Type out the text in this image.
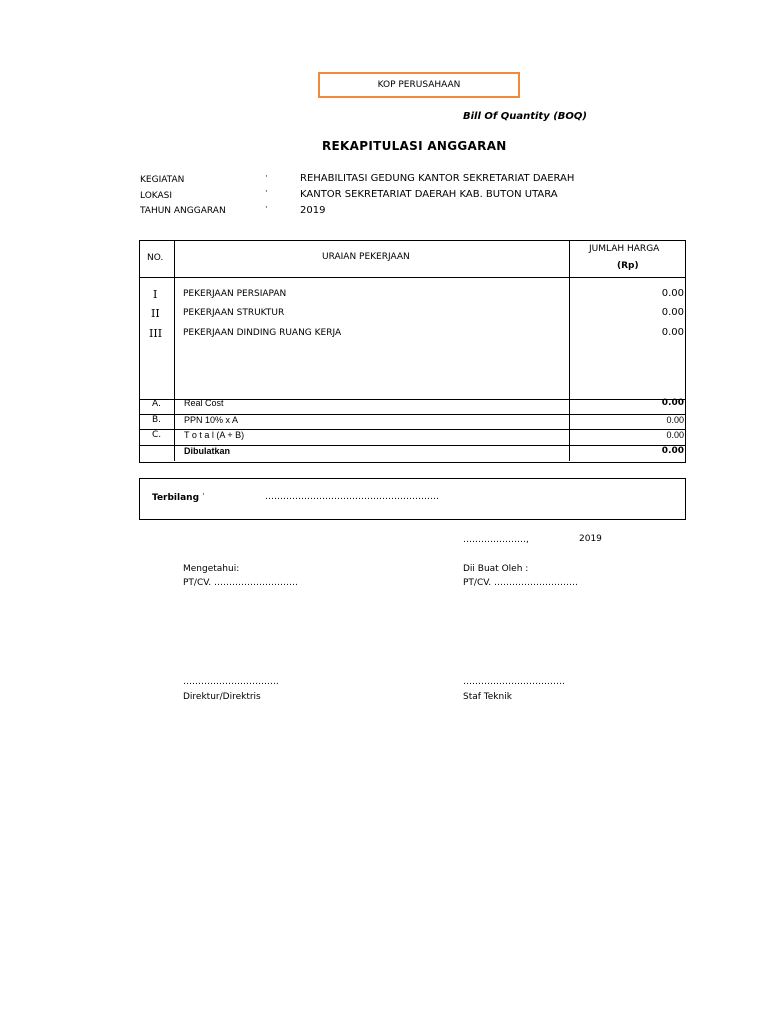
KOP PERUSAHAAN
Bill Of Quantity (BOQ)
REKAPITULASI ANGGARAN
KEGIATAN	·	REHABILITASI GEDUNG KANTOR SEKRETARIAT DAERAH
LOKASI	·	KANTOR SEKRETARIAT DAERAH KAB. BUTON UTARA
TAHUN ANGGARAN	·	2019
NO.	URAIAN PEKERJAAN
JUMLAH HARGA
(Rp)
I	PEKERJAAN PERSIAPAN	0.00
II	PEKERJAAN STRUKTUR	0.00
III PEKERJAAN DINDING RUANG KERJA	0.00
A.	Real Cost	0.00
B.	PPN 10% x A	0.00
C.	T o t a l (A + B)	0.00
Dibulatkan	0.00
Terbilang ·	………………………………………………….
…………………,	2019
Mengetahui:
PT/CV. ……………………….
…………………………..
Direktur/Direktris
Dii Buat Oleh :
PT/CV. ……………………….
…………………………….
Staf Teknik
